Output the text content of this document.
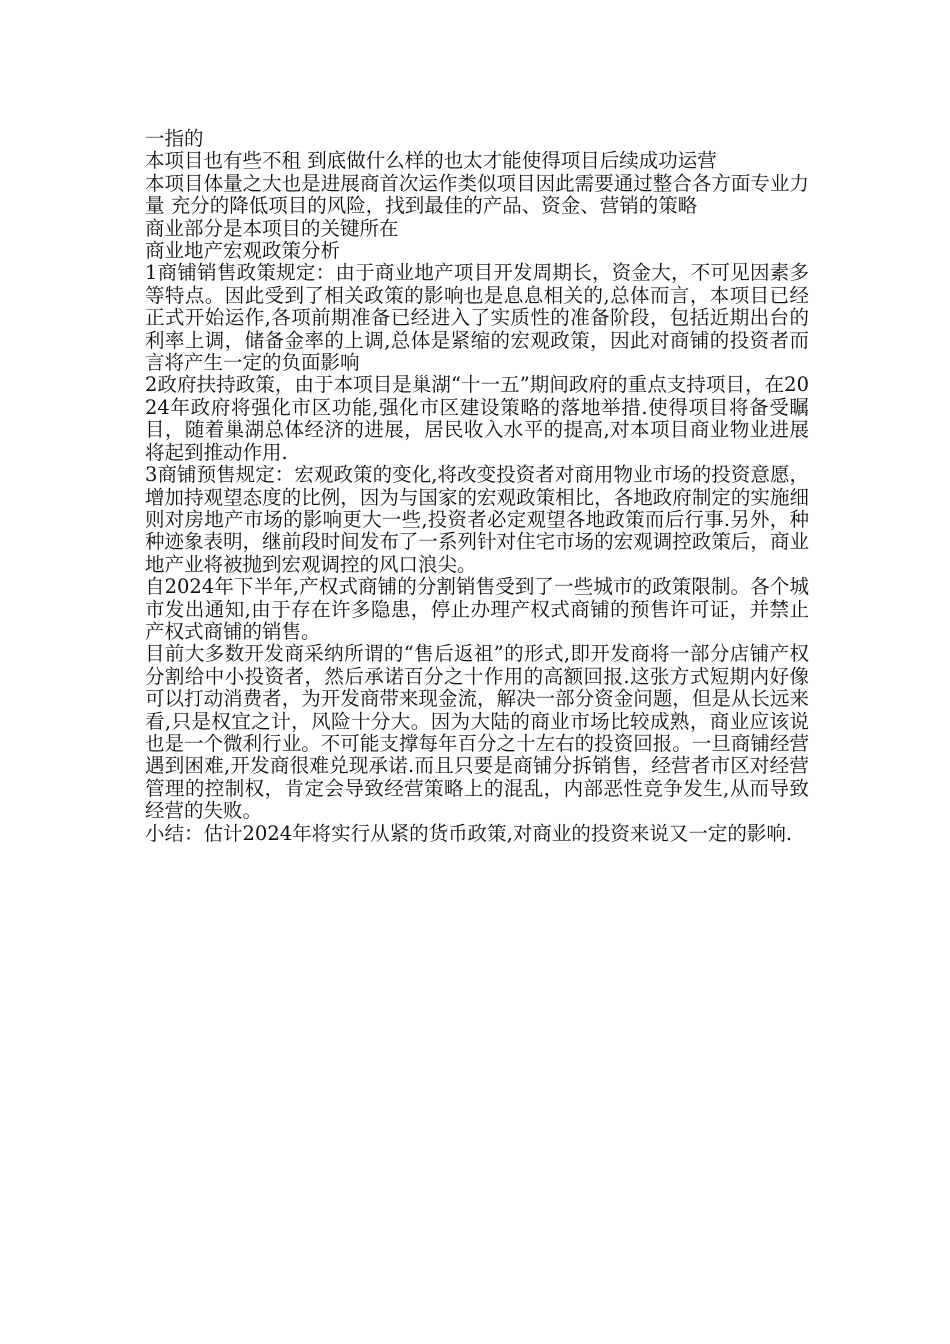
一指的

本项目也有些不租 到底做什么样的也太才能使得项目后续成功运营

本项目体量之大也是进展商首次运作类似项目因此需要通过整合各方面专业力量 充分的降低项目的风险，找到最佳的产品、资金、营销的策略

商业部分是本项目的关键所在

商业地产宏观政策分析

1商铺销售政策规定：由于商业地产项目开发周期长，资金大，不可见因素多等特点。因此受到了相关政策的影响也是息息相关的,总体而言，本项目已经正式开始运作,各项前期准备已经进入了实质性的准备阶段，包括近期出台的利率上调，储备金率的上调,总体是紧缩的宏观政策，因此对商铺的投资者而言将产生一定的负面影响

2政府扶持政策，由于本项目是巢湖“十一五”期间政府的重点支持项目，在2024年政府将强化市区功能,强化市区建设策略的落地举措.使得项目将备受瞩目，随着巢湖总体经济的进展，居民收入水平的提高,对本项目商业物业进展将起到推动作用.

3商铺预售规定：宏观政策的变化,将改变投资者对商用物业市场的投资意愿，增加持观望态度的比例，因为与国家的宏观政策相比，各地政府制定的实施细则对房地产市场的影响更大一些,投资者必定观望各地政策而后行事.另外，种种迹象表明，继前段时间发布了一系列针对住宅市场的宏观调控政策后，商业地产业将被抛到宏观调控的风口浪尖。

自2024年下半年,产权式商铺的分割销售受到了一些城市的政策限制。各个城市发出通知,由于存在许多隐患，停止办理产权式商铺的预售许可证，并禁止产权式商铺的销售。

目前大多数开发商采纳所谓的“售后返祖”的形式,即开发商将一部分店铺产权分割给中小投资者，然后承诺百分之十作用的高额回报.这张方式短期内好像可以打动消费者，为开发商带来现金流，解决一部分资金问题，但是从长远来看,只是权宜之计，风险十分大。因为大陆的商业市场比较成熟，商业应该说也是一个微利行业。不可能支撑每年百分之十左右的投资回报。一旦商铺经营遇到困难,开发商很难兑现承诺.而且只要是商铺分拆销售，经营者市区对经营管理的控制权，肯定会导致经营策略上的混乱，内部恶性竞争发生,从而导致经营的失败。

小结：估计2024年将实行从紧的货币政策,对商业的投资来说又一定的影响.
